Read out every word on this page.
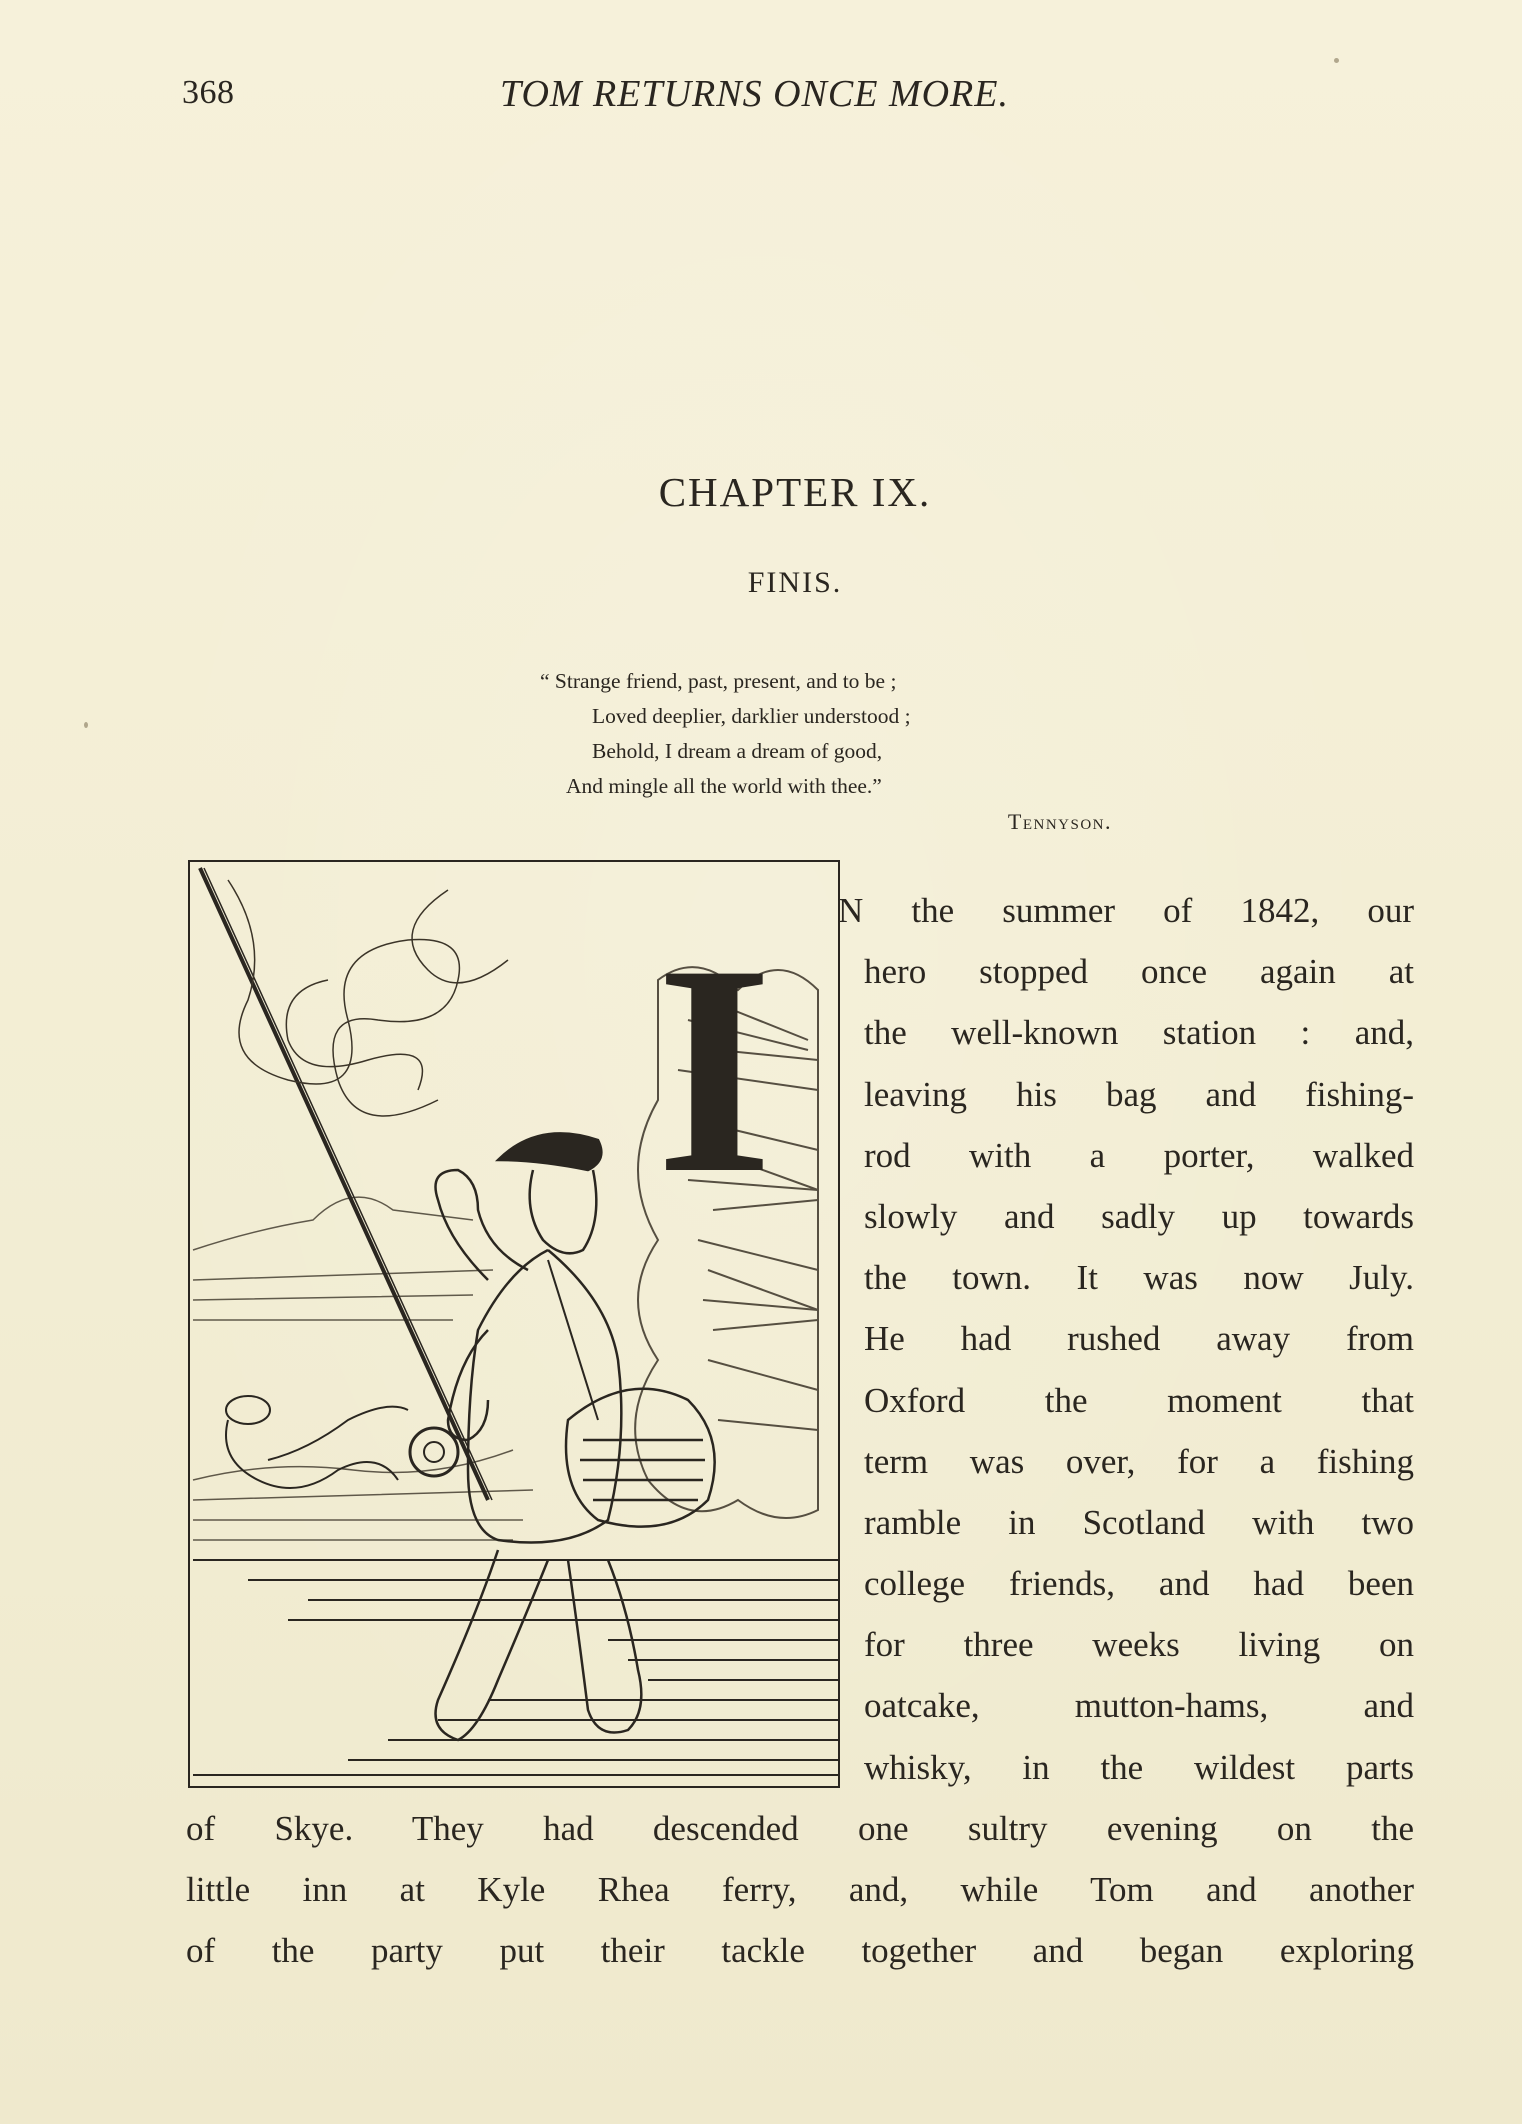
368	TOM RETURNS ONCE MORE.
CHAPTER IX.
FINIS.
“ Strange friend, past, present, and to be ;
Loved deeplier, darklier understood ;
Behold, I dream a dream of good,
And mingle all the world with thee.”
Tennyson.
I N the summer of 1842, our
hero stopped once again at
the well-known station : and,
leaving his bag and fishing-
rod with a porter, walked
slowly and sadly up towards
the town. It was now July.
He had rushed away from
Oxford the moment that
term was over, for a fishing
ramble in Scotland with two
college friends, and had been
for three weeks living on
oatcake, mutton-hams, and
whisky, in the wildest parts
of Skye. They had descended one sultry evening on the
little inn at Kyle Rhea ferry, and, while Tom and another
of the party put their tackle together and began exploring
